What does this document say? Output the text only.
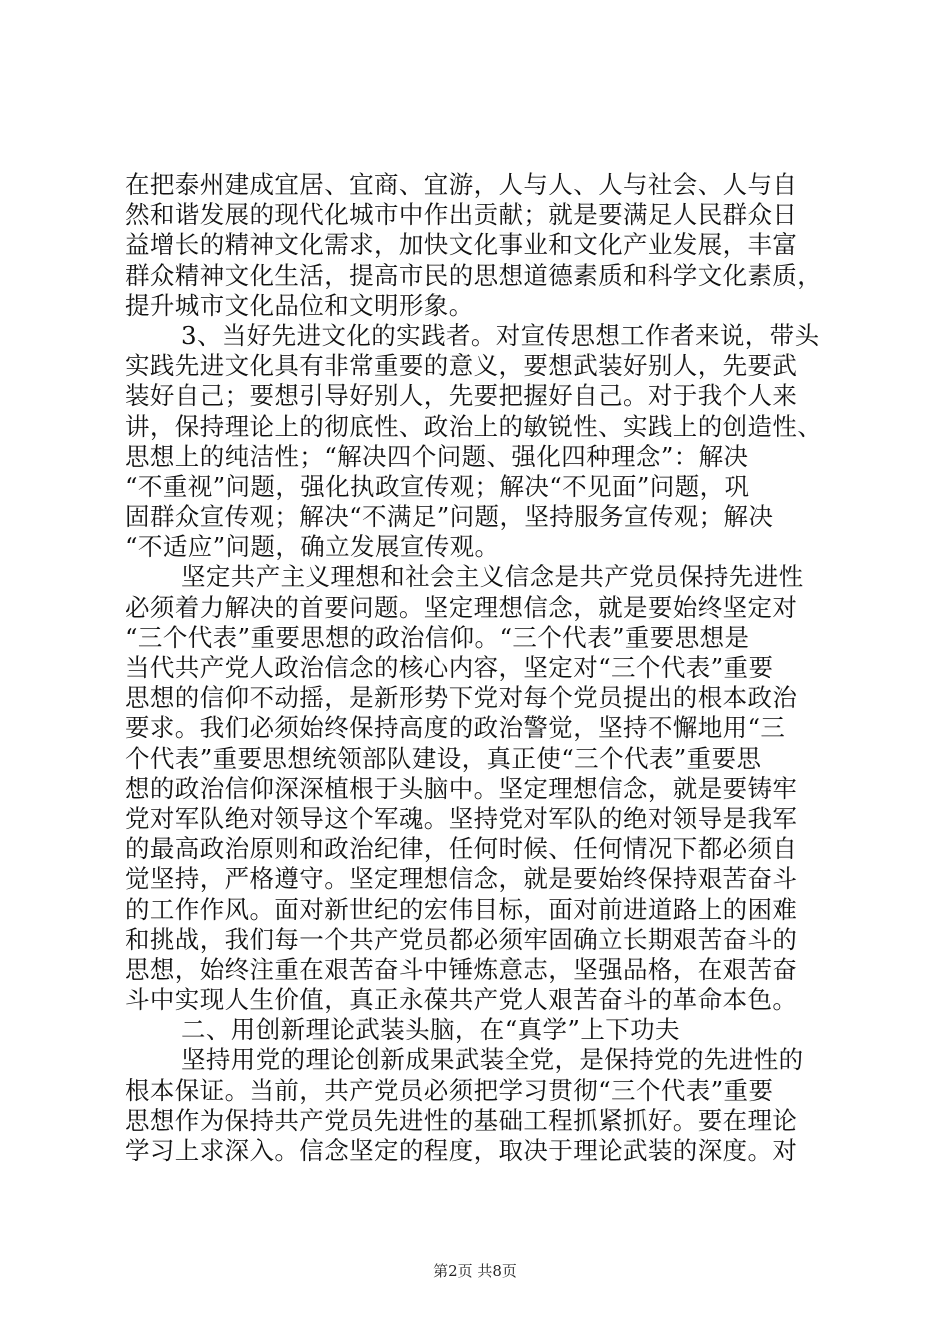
在把泰州建成宜居、宜商、宜游，人与人、人与社会、人与自
然和谐发展的现代化城市中作出贡献；就是要满足人民群众日
益增长的精神文化需求，加快文化事业和文化产业发展，丰富
群众精神文化生活，提高市民的思想道德素质和科学文化素质，
提升城市文化品位和文明形象。
3、当好先进文化的实践者。对宣传思想工作者来说，带头
实践先进文化具有非常重要的意义，要想武装好别人，先要武
装好自己；要想引导好别人，先要把握好自己。对于我个人来
讲，保持理论上的彻底性、政治上的敏锐性、实践上的创造性、
思想上的纯洁性；“解决四个问题、强化四种理念”：解决
“不重视”问题，强化执政宣传观；解决“不见面”问题，巩
固群众宣传观；解决“不满足”问题，坚持服务宣传观；解决
“不适应”问题，确立发展宣传观。
坚定共产主义理想和社会主义信念是共产党员保持先进性
必须着力解决的首要问题。坚定理想信念，就是要始终坚定对
“三个代表”重要思想的政治信仰。“三个代表”重要思想是
当代共产党人政治信念的核心内容，坚定对“三个代表”重要
思想的信仰不动摇，是新形势下党对每个党员提出的根本政治
要求。我们必须始终保持高度的政治警觉，坚持不懈地用“三
个代表”重要思想统领部队建设，真正使“三个代表”重要思
想的政治信仰深深植根于头脑中。坚定理想信念，就是要铸牢
党对军队绝对领导这个军魂。坚持党对军队的绝对领导是我军
的最高政治原则和政治纪律，任何时候、任何情况下都必须自
觉坚持，严格遵守。坚定理想信念，就是要始终保持艰苦奋斗
的工作作风。面对新世纪的宏伟目标，面对前进道路上的困难
和挑战，我们每一个共产党员都必须牢固确立长期艰苦奋斗的
思想，始终注重在艰苦奋斗中锤炼意志，坚强品格，在艰苦奋
斗中实现人生价值，真正永葆共产党人艰苦奋斗的革命本色。
二、用创新理论武装头脑，在“真学”上下功夫
坚持用党的理论创新成果武装全党，是保持党的先进性的
根本保证。当前，共产党员必须把学习贯彻“三个代表”重要
思想作为保持共产党员先进性的基础工程抓紧抓好。要在理论
学习上求深入。信念坚定的程度，取决于理论武装的深度。对
第2页 共8页
